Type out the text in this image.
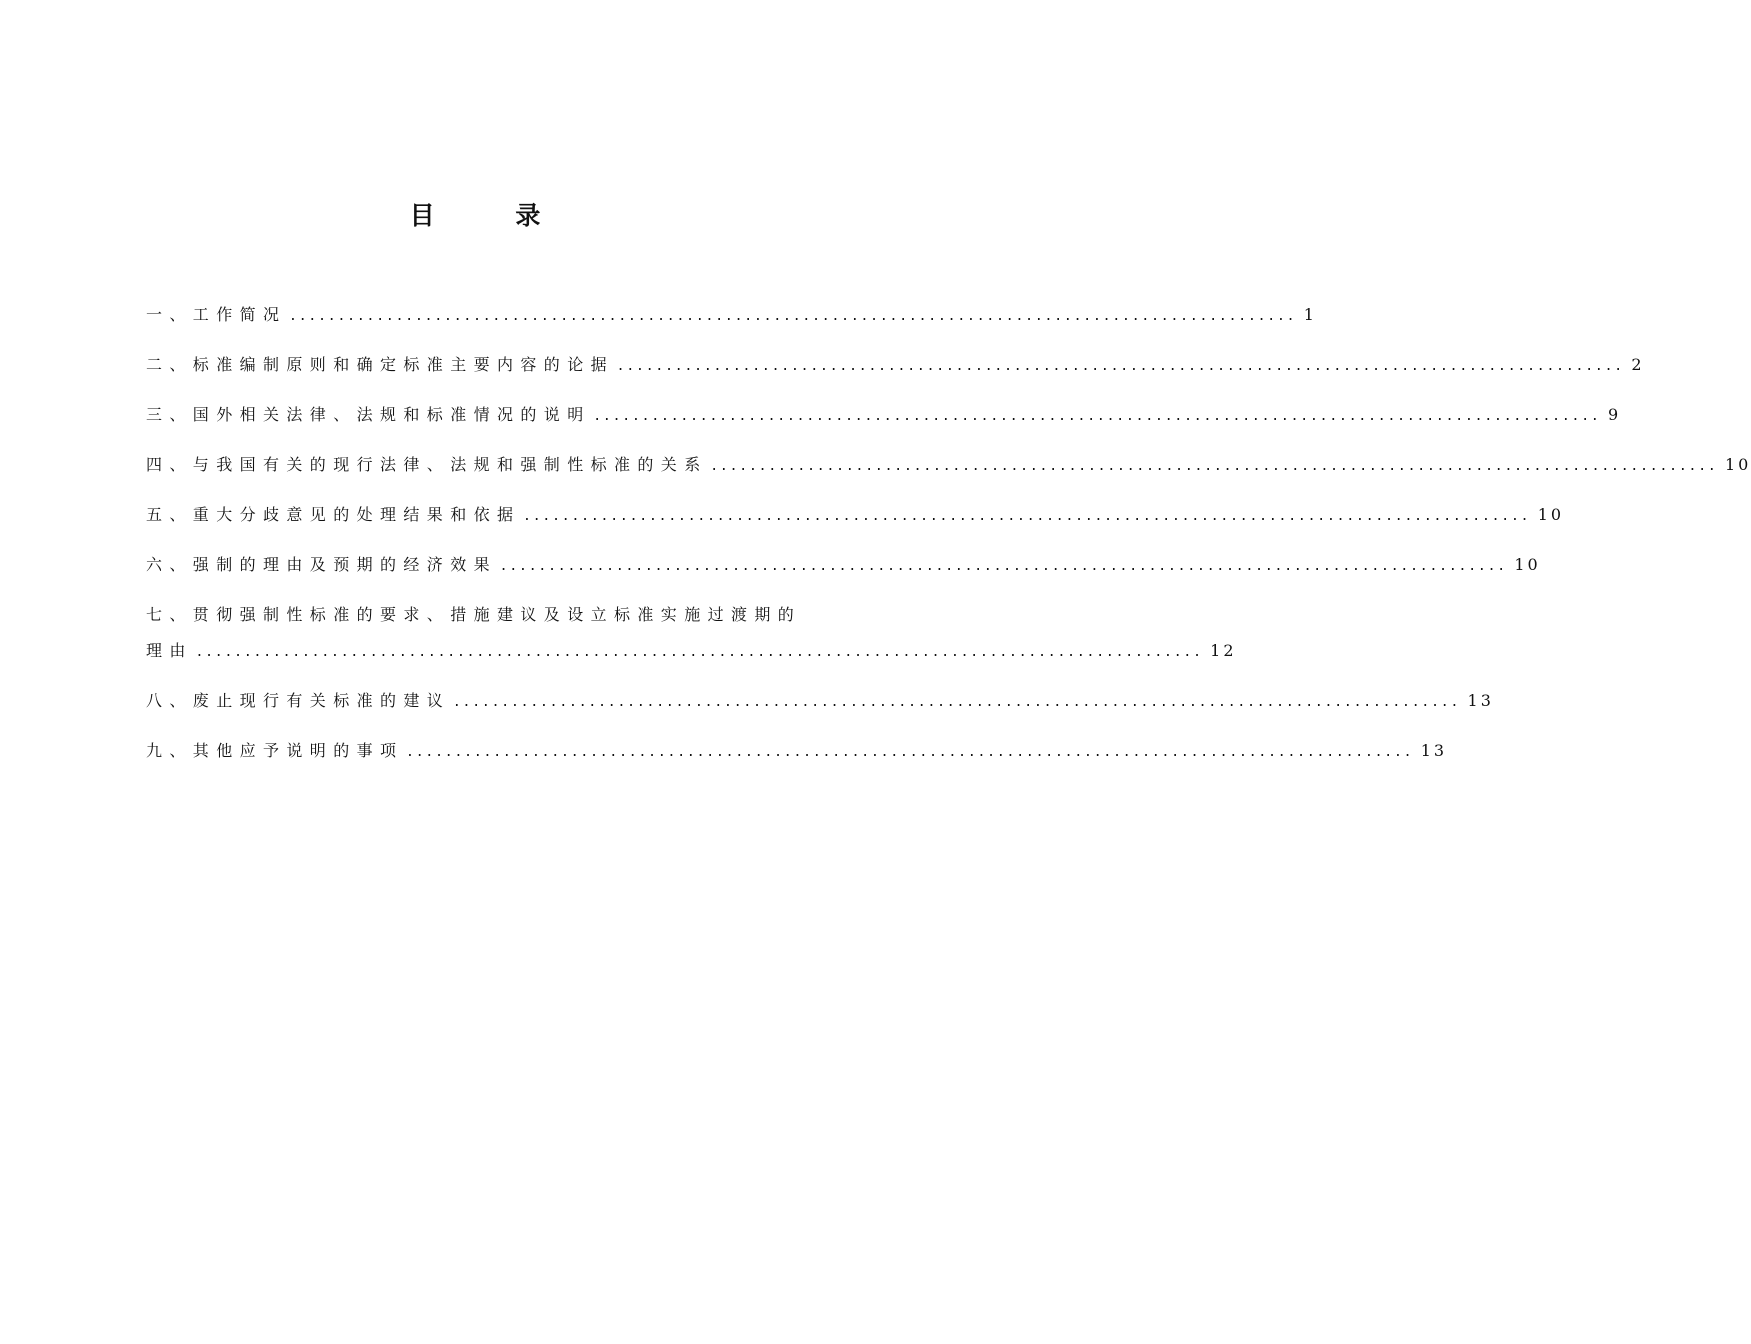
目 录
一、工作简况 ........................................................................................................ 1
二、标准编制原则和确定标准主要内容的论据 ........................................................................................................ 2
三、国外相关法律、法规和标准情况的说明 ........................................................................................................ 9
四、与我国有关的现行法律、法规和强制性标准的关系 ........................................................................................................ 10
五、重大分歧意见的处理结果和依据 ........................................................................................................ 10
六、强制的理由及预期的经济效果 ........................................................................................................ 10
七、贯彻强制性标准的要求、措施建议及设立标准实施过渡期的
理由 ........................................................................................................ 12
八、废止现行有关标准的建议 ........................................................................................................ 13
九、其他应予说明的事项 ........................................................................................................ 13
